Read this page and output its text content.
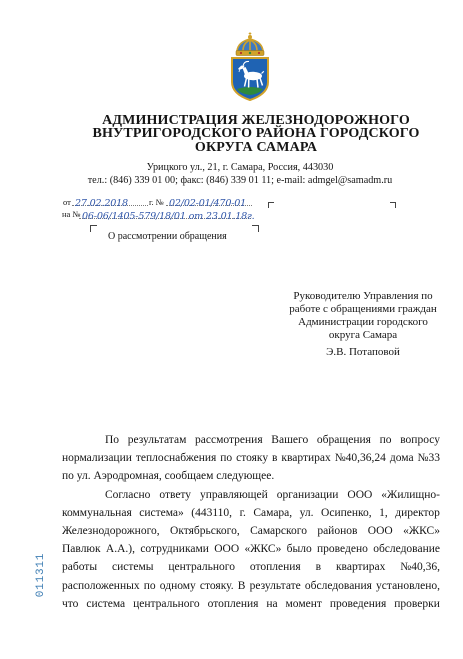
АДМИНИСТРАЦИЯ ЖЕЛЕЗНОДОРОЖНОГО
ВНУТРИГОРОДСКОГО РАЙОНА ГОРОДСКОГО
ОКРУГА САМАРА
Урицкого ул., 21, г. Самара, Россия, 443030
тел.: (846) 339 01 00; факс: (846) 339 01 11; e-mail: admgel@samadm.ru
от 27.02.2018	г. № 02/02-01/470-01
на № 06-06/1405-579/18/01 от 23.01.18г.
О рассмотрении обращения
Руководителю Управления по
работе с обращениями граждан
Администрации городского
округа Самара
Э.В. Потаповой
По результатам рассмотрения Вашего обращения по вопросу
нормализации теплоснабжения по стояку в квартирах №40,36,24 дома №33
по ул. Аэродромная, сообщаем следующее.
Согласно ответу управляющей организации ООО «Жилищно-
коммунальная система» (443110, г. Самара, ул. Осипенко, 1, директор
Железнодорожного, Октябрьского, Самарского районов ООО «ЖКС»
Павлюк А.А.), сотрудниками ООО «ЖКС» было проведено обследование
работы системы центрального отопления в квартирах №40,36,
расположенных по одному стояку. В результате обследования установлено,
что система центрального отопления на момент проведения проверки
011311
